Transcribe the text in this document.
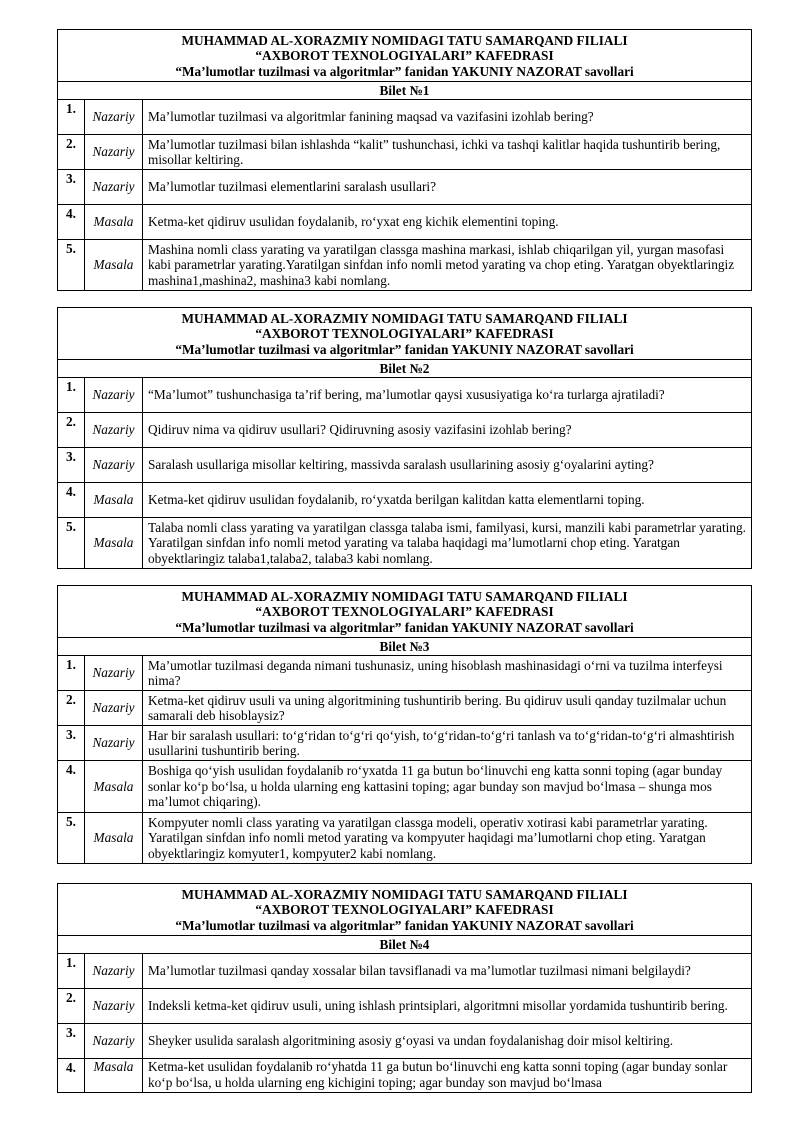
MUHAMMAD AL-XORAZMIY NOMIDAGI TATU SAMARQAND FILIALI
“AXBOROT TEXNOLOGIYALARI” KAFEDRASI
“Ma’lumotlar tuzilmasi va algoritmlar” fanidan YAKUNIY NAZORAT savollari		

Bilet №1		
1.	Nazariy	Ma’lumotlar tuzilmasi va algoritmlar fanining maqsad va vazifasini izohlab bering?
2.	Nazariy	Ma’lumotlar tuzilmasi bilan ishlashda “kalit” tushunchasi, ichki va tashqi kalitlar haqida tushuntirib bering, misollar keltiring.
3.	Nazariy	Ma’lumotlar tuzilmasi elementlarini saralash usullari?
4.	Masala	Ketma-ket qidiruv usulidan foydalanib, roʻyxat eng kichik elementini toping.
5.	Masala	Mashina nomli class yarating va yaratilgan classga mashina markasi, ishlab chiqarilgan yil, yurgan masofasi kabi parametrlar yarating.Yaratilgan sinfdan info nomli metod yarating va chop eting. Yaratgan obyektlaringiz mashina1,mashina2, mashina3 kabi nomlang.
MUHAMMAD AL-XORAZMIY NOMIDAGI TATU SAMARQAND FILIALI
“AXBOROT TEXNOLOGIYALARI” KAFEDRASI
“Ma’lumotlar tuzilmasi va algoritmlar” fanidan YAKUNIY NAZORAT savollari		

Bilet №2		
1.	Nazariy	“Ma’lumot” tushunchasiga ta’rif bering, ma’lumotlar qaysi xususiyatiga koʻra turlarga ajratiladi?
2.	Nazariy	Qidiruv nima va qidiruv usullari? Qidiruvning asosiy vazifasini izohlab bering?
3.	Nazariy	Saralash usullariga misollar keltiring, massivda saralash usullarining asosiy gʻoyalarini ayting?
4.	Masala	Ketma-ket qidiruv usulidan foydalanib, roʻyxatda berilgan kalitdan katta elementlarni toping.
5.	Masala	Talaba nomli class yarating va yaratilgan classga talaba ismi, familyasi, kursi, manzili kabi parametrlar yarating. Yaratilgan sinfdan info nomli metod yarating va talaba haqidagi ma’lumotlarni chop eting. Yaratgan obyektlaringiz talaba1,talaba2, talaba3 kabi nomlang.
MUHAMMAD AL-XORAZMIY NOMIDAGI TATU SAMARQAND FILIALI
“AXBOROT TEXNOLOGIYALARI” KAFEDRASI
“Ma’lumotlar tuzilmasi va algoritmlar” fanidan YAKUNIY NAZORAT savollari		

Bilet №3		
1.	Nazariy	Ma’umotlar tuzilmasi deganda nimani tushunasiz, uning hisoblash mashinasidagi oʻrni va tuzilma interfeysi nima?
2.	Nazariy	Ketma-ket qidiruv usuli va uning algoritmining tushuntirib bering. Bu qidiruv usuli qanday tuzilmalar uchun samarali deb hisoblaysiz?
3.	Nazariy	Har bir saralash usullari: toʻgʻridan toʻgʻri qoʻyish, toʻgʻridan-toʻgʻri tanlash va toʻgʻridan-toʻgʻri almashtirish usullarini tushuntirib bering.
4.	Masala	Boshiga qoʻyish usulidan foydalanib roʻyxatda 11 ga butun boʻlinuvchi eng katta sonni toping (agar bunday sonlar koʻp boʻlsa, u holda ularning eng kattasini toping; agar bunday son mavjud boʻlmasa – shunga mos ma’lumot chiqaring).
5.	Masala	Kompyuter nomli class yarating va yaratilgan classga modeli, operativ xotirasi kabi parametrlar yarating. Yaratilgan sinfdan info nomli metod yarating va kompyuter haqidagi ma’lumotlarni chop eting. Yaratgan obyektlaringiz komyuter1, kompyuter2 kabi nomlang.
MUHAMMAD AL-XORAZMIY NOMIDAGI TATU SAMARQAND FILIALI
“AXBOROT TEXNOLOGIYALARI” KAFEDRASI
“Ma’lumotlar tuzilmasi va algoritmlar” fanidan YAKUNIY NAZORAT savollari		

Bilet №4		
1.	Nazariy	Ma’lumotlar tuzilmasi qanday xossalar bilan tavsiflanadi va ma’lumotlar tuzilmasi nimani belgilaydi?
2.	Nazariy	Indeksli ketma-ket qidiruv usuli, uning ishlash printsiplari, algoritmni misollar yordamida tushuntirib bering.
3.	Nazariy	Sheyker usulida saralash algoritmining asosiy gʻoyasi va undan foydalanishag doir misol keltiring.
4.	Masala	Ketma-ket usulidan foydalanib roʻyhatda 11 ga butun boʻlinuvchi eng katta sonni toping (agar bunday sonlar koʻp boʻlsa, u holda ularning eng kichigini toping; agar bunday son mavjud boʻlmasa
